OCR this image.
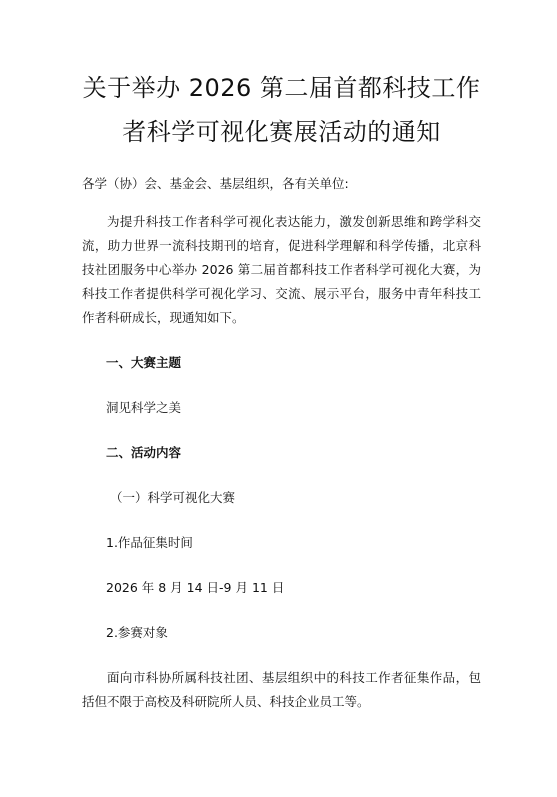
关于举办 2026 第二届首都科技工作者科学可视化赛展活动的通知

各学（协）会、基金会、基层组织，各有关单位:

为提升科技工作者科学可视化表达能力，激发创新思维和跨学科交流，助力世界一流科技期刊的培育，促进科学理解和科学传播，北京科技社团服务中心举办 2026 第二届首都科技工作者科学可视化大赛，为科技工作者提供科学可视化学习、交流、展示平台，服务中青年科技工作者科研成长，现通知如下。

一、大赛主题

洞见科学之美

二、活动内容

（一）科学可视化大赛

1.作品征集时间

2026 年 8 月 14 日-9 月 11 日

2.参赛对象

面向市科协所属科技社团、基层组织中的科技工作者征集作品，包括但不限于高校及科研院所人员、科技企业员工等。
